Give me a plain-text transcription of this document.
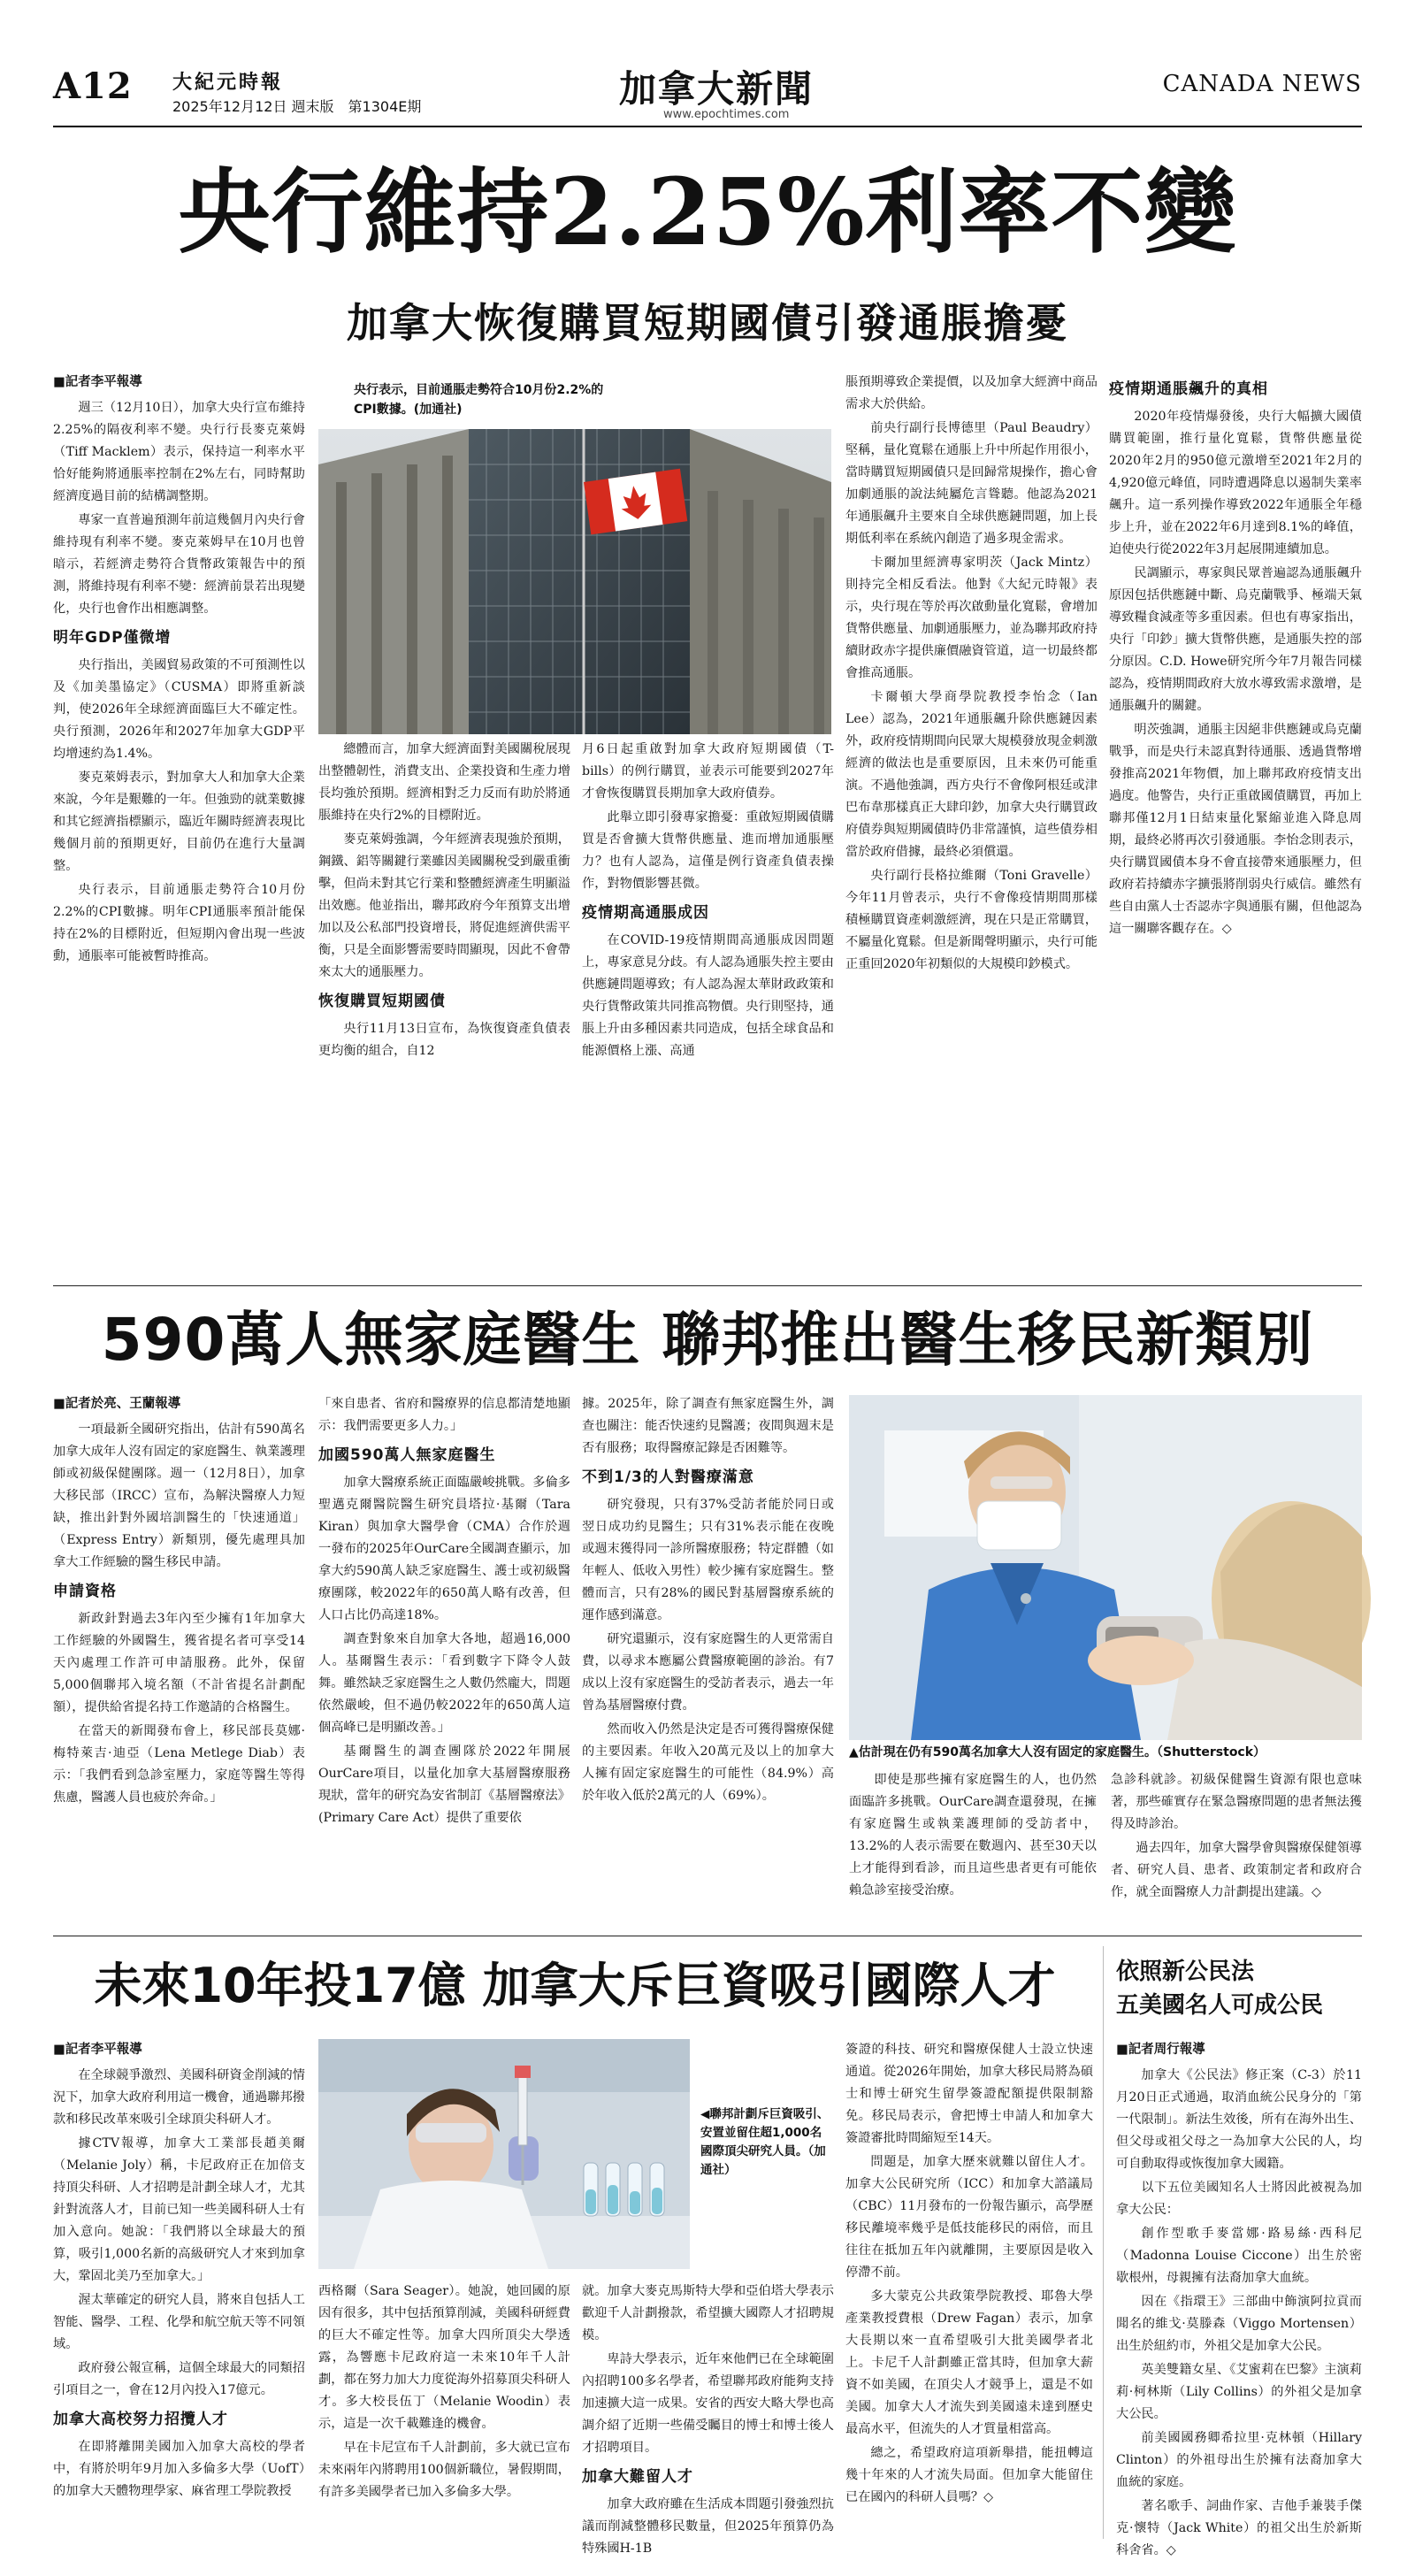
A12 大紀元時報
2025年12月12日 週末版　第1304E期	加拿大新聞
www.epochtimes.com
CANADA NEWS
央行維持2.25%利率不變
加拿大恢復購買短期國債引發通脹擔憂
■記者李平報導

週三（12月10日），加拿大央行宣布維持2.25%的隔夜利率不變。央行行長麥克萊姆（Tiff Macklem）表示，保持這一利率水平恰好能夠將通脹率控制在2%左右，同時幫助經濟度過目前的結構調整期。

專家一直普遍預測年前這幾個月內央行會維持現有利率不變。麥克萊姆早在10月也曾暗示，若經濟走勢符合貨幣政策報告中的預測，將維持現有利率不變：經濟前景若出現變化，央行也會作出相應調整。

明年GDP僅微增

央行指出，美國貿易政策的不可預測性以及《加美墨協定》（CUSMA）即將重新談判，使2026年全球經濟面臨巨大不確定性。央行預測，2026年和2027年加拿大GDP平均增速約為1.4%。

麥克萊姆表示，對加拿大人和加拿大企業來說，今年是艱難的一年。但強勁的就業數據和其它經濟指標顯示，臨近年關時經濟表現比幾個月前的預期更好，目前仍在進行大量調整。

央行表示，目前通脹走勢符合10月份2.2%的CPI數據。明年CPI通脹率預計能保持在2%的目標附近，但短期內會出現一些波動，通脹率可能被暫時推高。

央行表示，目前通脹走勢符合10月份2.2%的CPI數據。(加通社)

總體而言，加拿大經濟面對美國關稅展現出整體韌性，消費支出、企業投資和生產力增長均強於預期。經濟相對乏力反而有助於將通脹維持在央行2%的目標附近。

麥克萊姆強調，今年經濟表現強於預期，鋼鐵、鋁等關鍵行業雖因美國關稅受到嚴重衝擊，但尚未對其它行業和整體經濟產生明顯溢出效應。他並指出，聯邦政府今年預算支出增加以及公私部門投資增長，將促進經濟供需平衡，只是全面影響需要時間顯現，因此不會帶來太大的通脹壓力。

恢復購買短期國債

央行11月13日宣布，為恢復資產負債表更均衡的組合，自12

月6日起重啟對加拿大政府短期國債（T-bills）的例行購買，並表示可能要到2027年才會恢復購買長期加拿大政府債券。

此舉立即引發專家擔憂：重啟短期國債購買是否會擴大貨幣供應量、進而增加通脹壓力？也有人認為，這僅是例行資產負債表操作，對物價影響甚微。

疫情期高通脹成因

在COVID-19疫情期間高通脹成因問題上，專家意見分歧。有人認為通脹失控主要由供應鏈問題導致；有人認為渥太華財政政策和央行貨幣政策共同推高物價。央行則堅持，通脹上升由多種因素共同造成，包括全球食品和能源價格上漲、高通

脹預期導致企業提價，以及加拿大經濟中商品需求大於供給。

前央行副行長博德里（Paul Beaudry）堅稱，量化寬鬆在通脹上升中所起作用很小，當時購買短期國債只是回歸常規操作，擔心會加劇通脹的說法純屬危言聳聽。他認為2021年通脹飆升主要來自全球供應鏈問題，加上長期低利率在系統內創造了過多現金需求。

卡爾加里經濟專家明茨（Jack Mintz）則持完全相反看法。他對《大紀元時報》表示，央行現在等於再次啟動量化寬鬆，會增加貨幣供應量、加劇通脹壓力，並為聯邦政府持續財政赤字提供廉價融資管道，這一切最終都會推高通脹。

卡爾頓大學商學院教授李怡念（Ian Lee）認為，2021年通脹飆升除供應鏈因素外，政府疫情期間向民眾大規模發放現金刺激經濟的做法也是重要原因，且未來仍可能重演。不過他強調，西方央行不會像阿根廷或津巴布韋那樣真正大肆印鈔，加拿大央行購買政府債券與短期國債時仍非常謹慎，這些債券相當於政府借據，最終必須償還。

央行副行長格拉維爾（Toni Gravelle）今年11月曾表示，央行不會像疫情期間那樣積極購買資產刺激經濟，現在只是正常購買，不屬量化寬鬆。但是新聞聲明顯示，央行可能正重回2020年初類似的大規模印鈔模式。

疫情期通脹飆升的真相

2020年疫情爆發後，央行大幅擴大國債購買範圍，推行量化寬鬆，貨幣供應量從2020年2月的950億元激增至2021年2月的4,920億元峰值，同時遭遇降息以遏制失業率飆升。這一系列操作導致2022年通脹全年穩步上升，並在2022年6月達到8.1%的峰值，迫使央行從2022年3月起展開連續加息。

民調顯示，專家與民眾普遍認為通脹飆升原因包括供應鏈中斷、烏克蘭戰爭、極端天氣導致糧食減產等多重因素。但也有專家指出，央行「印鈔」擴大貨幣供應，是通脹失控的部分原因。C.D. Howe研究所今年7月報告同樣認為，疫情期間政府大放水導致需求激增，是通脹飆升的關鍵。

明茨強調，通脹主因絕非供應鏈或烏克蘭戰爭，而是央行未認真對待通脹、透過貨幣增發推高2021年物價，加上聯邦政府疫情支出過度。他警告，央行正重啟國債購買，再加上聯邦僅12月1日結束量化緊縮並進入降息周期，最終必將再次引發通脹。李怡念則表示，央行購買國債本身不會直接帶來通脹壓力，但政府若持續赤字擴張將削弱央行威信。雖然有些自由黨人士否認赤字與通脹有關，但他認為這一關聯客觀存在。◇

590萬人無家庭醫生 聯邦推出醫生移民新類別
■記者於亮、王蘭報導

一項最新全國研究指出，估計有590萬名加拿大成年人沒有固定的家庭醫生、執業護理師或初級保健團隊。週一（12月8日），加拿大移民部（IRCC）宣布，為解決醫療人力短缺，推出針對外國培訓醫生的「快速通道」（Express Entry）新類別，優先處理具加拿大工作經驗的醫生移民申請。

申請資格

新政針對過去3年內至少擁有1年加拿大工作經驗的外國醫生，獲省提名者可享受14天內處理工作許可申請服務。此外，保留5,000個聯邦入境名額（不計省提名計劃配額），提供給省提名持工作邀請的合格醫生。

在當天的新聞發布會上，移民部長莫娜·梅特萊吉·迪亞（Lena Metlege Diab）表示：「我們看到急診室壓力，家庭等醫生等得焦慮，醫護人員也疲於奔命。」

「來自患者、省府和醫療界的信息都清楚地顯示：我們需要更多人力。」

加國590萬人無家庭醫生

加拿大醫療系統正面臨嚴峻挑戰。多倫多聖邁克爾醫院醫生研究員塔拉·基爾（Tara Kiran）與加拿大醫學會（CMA）合作於週一發布的2025年OurCare全國調查顯示，加拿大約590萬人缺乏家庭醫生、護士或初級醫療團隊，較2022年的650萬人略有改善，但人口占比仍高達18%。

調查對象來自加拿大各地，超過16,000人。基爾醫生表示：「看到數字下降令人鼓舞。雖然缺乏家庭醫生之人數仍然龐大，問題依然嚴峻，但不過仍較2022年的650萬人這個高峰已是明顯改善。」

基爾醫生的調查團隊於2022年開展OurCare項目，以量化加拿大基層醫療服務現狀，當年的研究為安省制訂《基層醫療法》(Primary Care Act）提供了重要依

據。2025年，除了調查有無家庭醫生外，調查也關注：能否快速約見醫護；夜間與週末是否有服務；取得醫療記錄是否困難等。

不到1/3的人對醫療滿意

研究發現，只有37%受訪者能於同日或翌日成功約見醫生；只有31%表示能在夜晚或週末獲得同一診所醫療服務；特定群體（如年輕人、低收入男性）較少擁有家庭醫生。整體而言，只有28%的國民對基層醫療系統的運作感到滿意。

研究還顯示，沒有家庭醫生的人更常需自費，以尋求本應屬公費醫療範圍的診治。有7成以上沒有家庭醫生的受訪者表示，過去一年曾為基層醫療付費。

然而收入仍然是決定是否可獲得醫療保健的主要因素。年收入20萬元及以上的加拿大人擁有固定家庭醫生的可能性（84.9%）高於年收入低於2萬元的人（69%）。

▲估計現在仍有590萬名加拿大人沒有固定的家庭醫生。（Shutterstock）

即使是那些擁有家庭醫生的人，也仍然面臨許多挑戰。OurCare調查還發現，在擁有家庭醫生或執業護理師的受訪者中，13.2%的人表示需要在數週內、甚至30天以上才能得到看診，而且這些患者更有可能依賴急診室接受治療。

急診科就診。初級保健醫生資源有限也意味著，那些確實存在緊急醫療問題的患者無法獲得及時診治。

過去四年，加拿大醫學會與醫療保健領導者、研究人員、患者、政策制定者和政府合作，就全面醫療人力計劃提出建議。◇

未來10年投17億 加拿大斥巨資吸引國際人才
■記者李平報導

在全球競爭激烈、美國科研資金削減的情況下，加拿大政府利用這一機會，通過聯邦撥款和移民改革來吸引全球頂尖科研人才。

據CTV報導，加拿大工業部長趙美爾（Melanie Joly）稱，卡尼政府正在加倍支持頂尖科研、人才招聘是計劃全球人才，尤其針對流落人才，目前已知一些美國科研人士有加入意向。她說：「我們將以全球最大的預算，吸引1,000名新的高級研究人才來到加拿大，鞏固北美乃至加拿大。」

渥太華確定的研究人員，將來自包括人工智能、醫學、工程、化學和航空航天等不同領域。

政府發公報宣稱，這個全球最大的同類招引項目之一，會在12月內投入17億元。

加拿大高校努力招攬人才

在即將離開美國加入加拿大高校的學者中，有將於明年9月加入多倫多大學（UofT）的加拿大天體物理學家、麻省理工學院教授

◀聯邦計劃斥巨資吸引、安置並留住超1,000名國際頂尖研究人員。（加通社）

西格爾（Sara Seager）。她說，她回國的原因有很多，其中包括預算削減，美國科研經費的巨大不確定性等。加拿大四所頂尖大學透露，為響應卡尼政府這一未來10年千人計劃，都在努力加大力度從海外招募頂尖科研人才。多大校長伍丁（Melanie Woodin）表示，這是一次千載難逢的機會。

早在卡尼宣布千人計劃前，多大就已宣布未來兩年內將聘用100個新職位，暑假期間，有許多美國學者已加入多倫多大學。

就。加拿大麥克馬斯特大學和亞伯塔大學表示歡迎千人計劃撥款，希望擴大國際人才招聘規模。

卑詩大學表示，近年來他們已在全球範圍內招聘100多名學者，希望聯邦政府能夠支持加速擴大這一成果。安省的西安大略大學也高調介紹了近期一些備受矚目的博士和博士後人才招聘項目。

加拿大難留人才

加拿大政府雖在生活成本問題引發強烈抗議而削減整體移民數量，但2025年預算仍為特殊國H-1B

簽證的科技、研究和醫療保健人士設立快速通道。從2026年開始，加拿大移民局將為碩士和博士研究生留學簽證配額提供限制豁免。移民局表示，會把博士申請人和加拿大簽證審批時間縮短至14天。

問題是，加拿大歷來就難以留住人才。加拿大公民研究所（ICC）和加拿大諮議局（CBC）11月發布的一份報告顯示，高學歷移民離境率幾乎是低技能移民的兩倍，而且往往在抵加五年內就離開，主要原因是收入停滯不前。

多大蒙克公共政策學院教授、耶魯大學產業教授費根（Drew Fagan）表示，加拿大長期以來一直希望吸引大批美國學者北上。卡尼千人計劃雖正當其時，但加拿大薪資不如美國，在頂尖人才競爭上，還是不如美國。加拿大人才流失到美國遠未達到歷史最高水平，但流失的人才質量相當高。

總之，希望政府這項新舉措，能扭轉這幾十年來的人才流失局面。但加拿大能留住已在國內的科研人員嗎？◇

依照新公民法
五美國名人可成公民
■記者周行報導

加拿大《公民法》修正案（C-3）於11月20日正式通過，取消血統公民身分的「第一代限制」。新法生效後，所有在海外出生、但父母或祖父母之一為加拿大公民的人，均可自動取得或恢復加拿大國籍。

以下五位美國知名人士將因此被視為加拿大公民：

創作型歌手麥當娜·路易絲·西科尼（Madonna Louise Ciccone）出生於密歇根州，母親擁有法裔加拿大血統。

因在《指環王》三部曲中飾演阿拉貢而聞名的維戈·莫滕森（Viggo Mortensen）出生於紐約市，外祖父是加拿大公民。

英美雙籍女星、《艾蜜莉在巴黎》主演莉莉·柯林斯（Lily Collins）的外祖父是加拿大公民。

前美國國務卿希拉里·克林頓（Hillary Clinton）的外祖母出生於擁有法裔加拿大血統的家庭。

著名歌手、詞曲作家、吉他手兼裝手傑克·懷特（Jack White）的祖父出生於新斯科舍省。◇
